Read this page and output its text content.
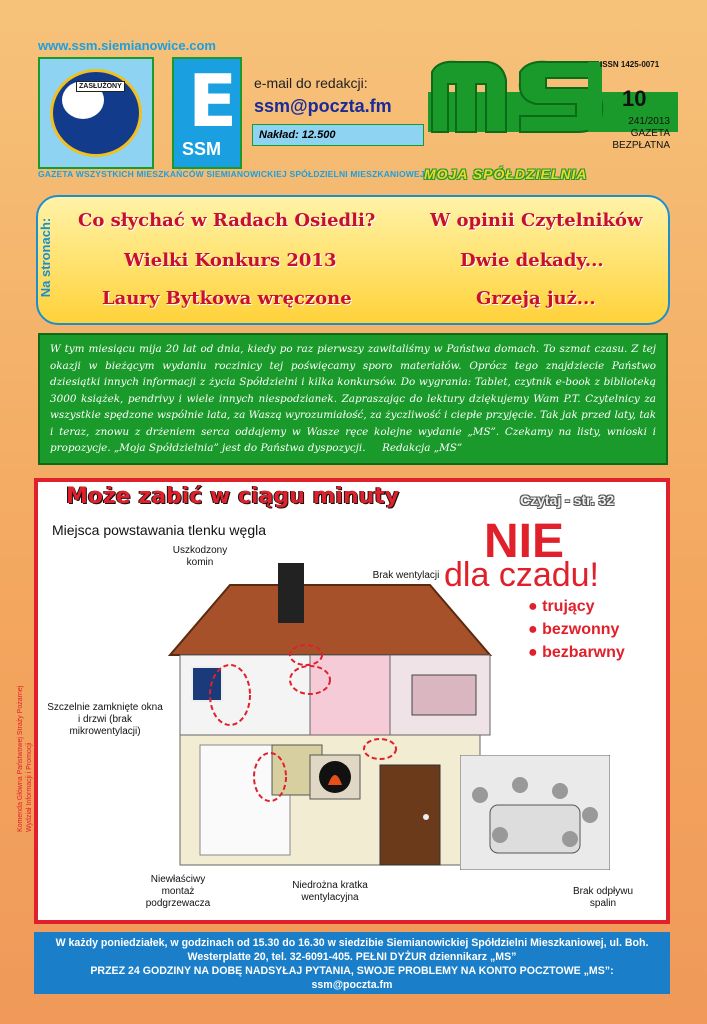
www.ssm.siemianowice.com
ZASŁUŻONY E
SSM
e-mail do redakcji:
ssm@poczta.fm
Nakład: 12.500
ISSN 1425-0071
10
241/2013
GAZETA
BEZPŁATNA
GAZETA WSZYSTKICH MIESZKAŃCÓW SIEMIANOWICKIEJ SPÓŁDZIELNI MIESZKANIOWEJ MOJA SPÓŁDZIELNIA
Na stronach: Co słychać w Radach Osiedli?	W opinii Czytelników
Wielki Konkurs 2013	Dwie dekady...
Laury Bytkowa wręczone	Grzeją już...
W tym miesiącu mija 20 lat od dnia, kiedy po raz pierwszy zawitaliśmy w Państwa domach. To szmat czasu. Z tej okazji w bieżącym wydaniu roczinicy tej poświęcamy sporo materiałów. Oprócz tego znajdziecie Państwo dziesiątki innych informacji z życia Spółdzielni i kilka konkursów. Do wygrania: Tablet, czytnik e-book z biblioteką 3000 książek, pendrivy i wiele innych niespodzianek. Zapraszając do lektury dziękujemy Wam P.T. Czytelnicy za wszystkie spędzone wspólnie lata, za Waszą wyrozumiałość, za życzliwość i ciepłe przyjęcie. Tak jak przed laty, tak i teraz, znowu z drżeniem serca oddajemy w Wasze ręce kolejne wydanie „MS”. Czekamy na listy, wnioski i propozycje. „Moja Spółdzielnia” jest do Państwa dyspozycji. Redakcja „MS”
Może zabić w ciągu minuty	Czytaj - str. 32
Miejsca powstawania tlenku węgla	NIE
dla czadu!
● trujący
● bezwonny
● bezbarwny
Uszkodzony komin
Brak wentylacji
Szczelnie zamknięte okna i drzwi (brak mikrowentylacji)
Niewłaściwy montaż podgrzewacza
Niedrożna kratka wentylacyjna
Brak odpływu spalin
Komenda Główna Państwowej Straży Pożarnej Wydział Informacji i Promocji
W każdy poniedziałek, w godzinach od 15.30 do 16.30 w siedzibie Siemianowickiej Spółdzielni Mieszkaniowej, ul. Boh. Westerplatte 20, tel. 32-6091-405. PEŁNI DYŻUR dziennikarz „MS”
PRZEZ 24 GODZINY NA DOBĘ NADSYŁAJ PYTANIA, SWOJE PROBLEMY NA KONTO POCZTOWE „MS”:
ssm@poczta.fm
